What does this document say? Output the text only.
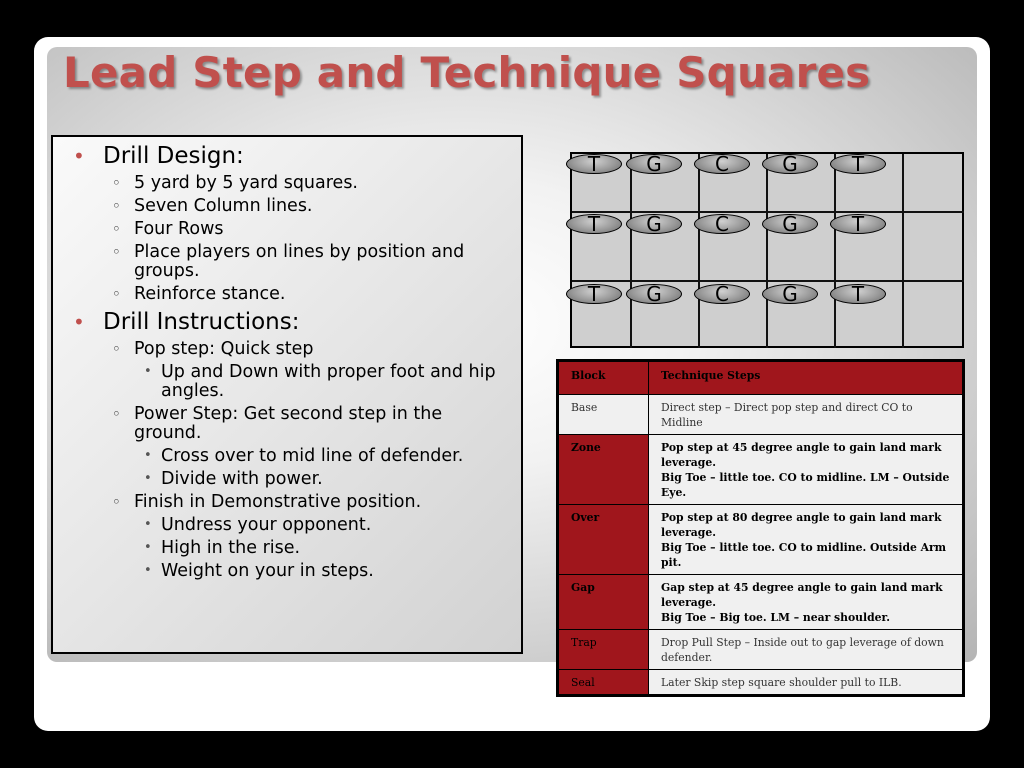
Lead Step and Technique Squares
• Drill Design:
◦ 5 yard by 5 yard squares.
◦ Seven Column lines.
◦ Four Rows
◦ Place players on lines by position and groups.
◦ Reinforce stance.
• Drill Instructions:
◦ Pop step: Quick step
• Up and Down with proper foot and hip angles.
◦ Power Step: Get second step in the ground.
• Cross over to mid line of defender.
• Divide with power.
◦ Finish in Demonstrative position.
• Undress your opponent.
• High in the rise.
• Weight on your in steps.
T	G	C	G	T
T	G	C	G	T
T	G	C	G	T
Block	Technique Steps
Base	Direct step – Direct pop step and direct CO to Midline
Zone	Pop step at 45 degree angle to gain land mark leverage.
Big Toe – little toe. CO to midline. LM – Outside Eye.
Over	Pop step at 80 degree angle to gain land mark leverage.
Big Toe – little toe. CO to midline. Outside Arm pit.
Gap	Gap step at 45 degree angle to gain land mark leverage.
Big Toe – Big toe. LM – near shoulder.
Trap	Drop Pull Step – Inside out to gap leverage of down defender.
Seal	Later Skip step square shoulder pull to ILB.
